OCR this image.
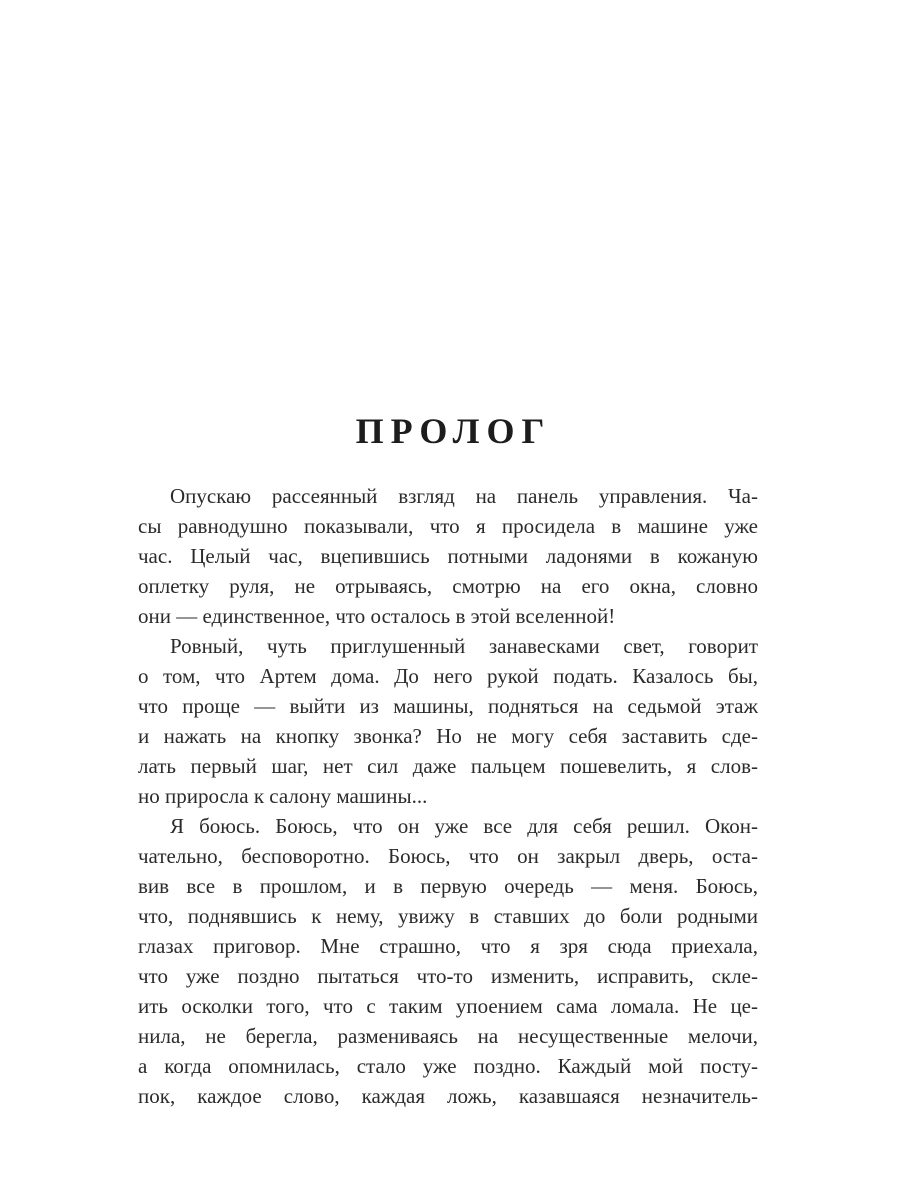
ПРОЛОГ
Опускаю рассеянный взгляд на панель управления. Ча-
сы равнодушно показывали, что я просидела в машине уже
час. Целый час, вцепившись потными ладонями в кожаную
оплетку руля, не отрываясь, смотрю на его окна, словно
они — единственное, что осталось в этой вселенной!
Ровный, чуть приглушенный занавесками свет, говорит
о том, что Артем дома. До него рукой подать. Казалось бы,
что проще — выйти из машины, подняться на седьмой этаж
и нажать на кнопку звонка? Но не могу себя заставить сде-
лать первый шаг, нет сил даже пальцем пошевелить, я слов-
но приросла к салону машины...
Я боюсь. Боюсь, что он уже все для себя решил. Окон-
чательно, бесповоротно. Боюсь, что он закрыл дверь, оста-
вив все в прошлом, и в первую очередь — меня. Боюсь,
что, поднявшись к нему, увижу в ставших до боли родными
глазах приговор. Мне страшно, что я зря сюда приехала,
что уже поздно пытаться что-то изменить, исправить, скле-
ить осколки того, что с таким упоением сама ломала. Не це-
нила, не берегла, размениваясь на несущественные мелочи,
а когда опомнилась, стало уже поздно. Каждый мой посту-
пок, каждое слово, каждая ложь, казавшаяся незначитель-
